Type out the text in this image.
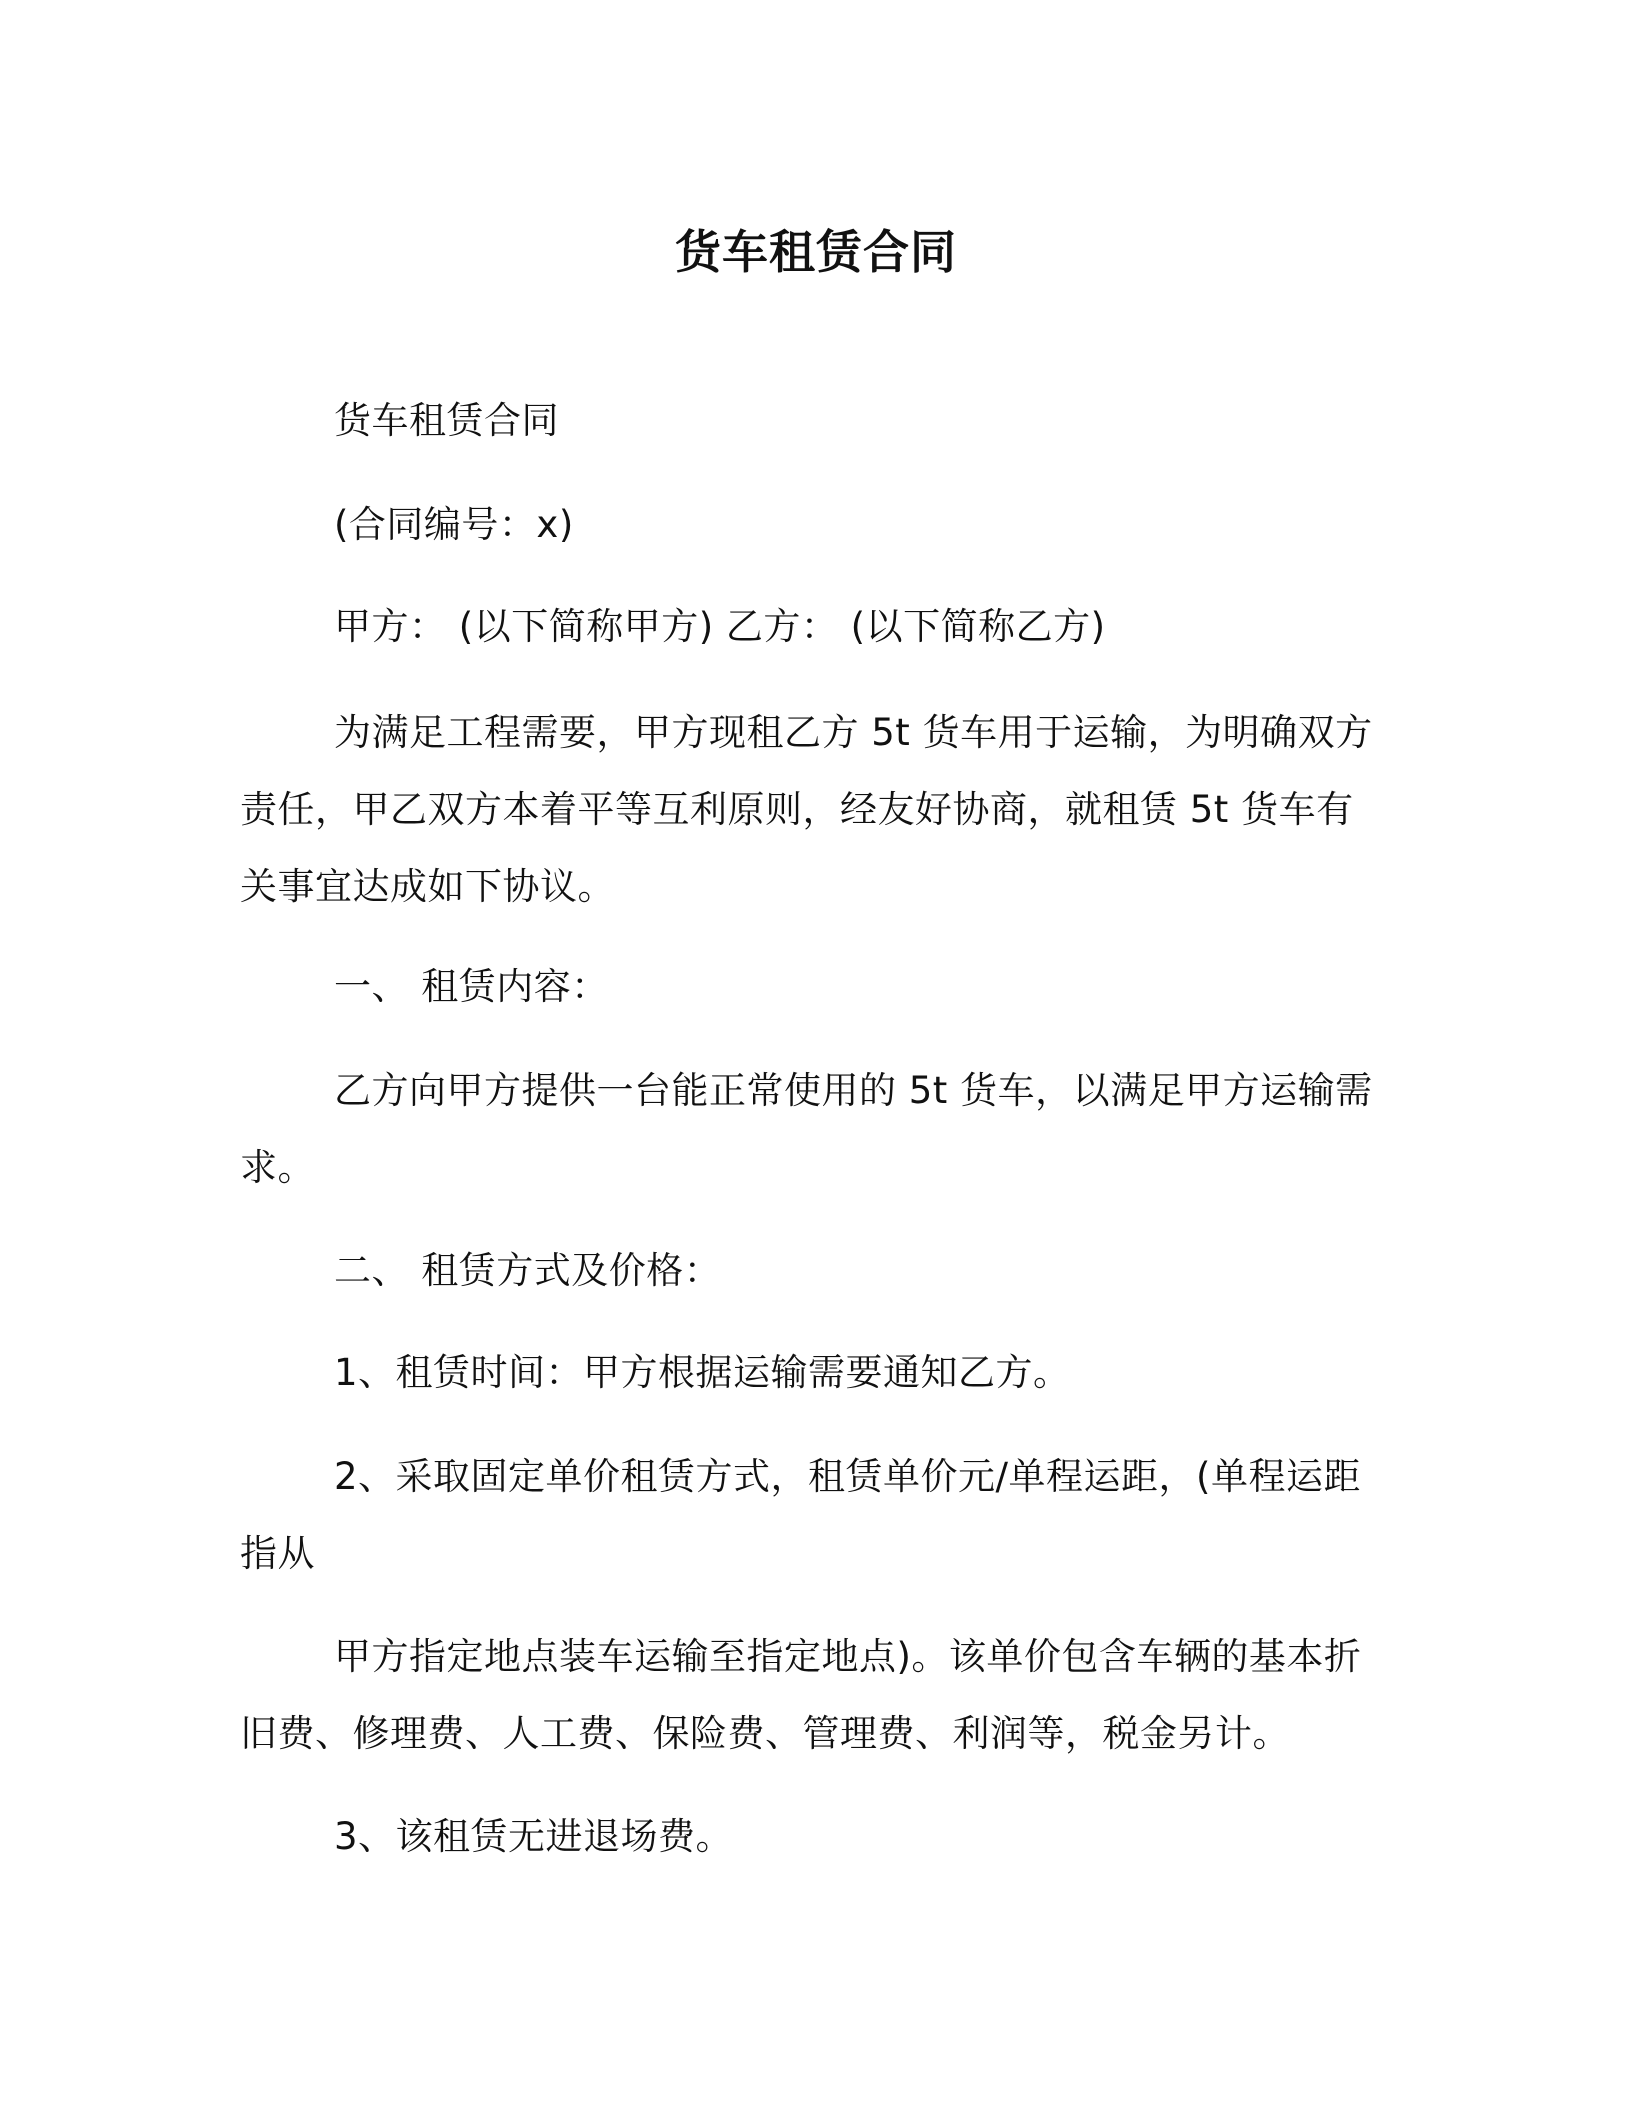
货车租赁合同
货车租赁合同
(合同编号：x)
甲方： (以下简称甲方) 乙方： (以下简称乙方)
为满足工程需要，甲方现租乙方 5t 货车用于运输，为明确双方责任，甲乙双方本着平等互利原则，经友好协商，就租赁 5t 货车有关事宜达成如下协议。
一、 租赁内容：
乙方向甲方提供一台能正常使用的 5t 货车，以满足甲方运输需求。
二、 租赁方式及价格：
1、租赁时间：甲方根据运输需要通知乙方。
2、采取固定单价租赁方式，租赁单价元/单程运距，(单程运距指从
甲方指定地点装车运输至指定地点)。该单价包含车辆的基本折旧费、修理费、人工费、保险费、管理费、利润等，税金另计。
3、该租赁无进退场费。
